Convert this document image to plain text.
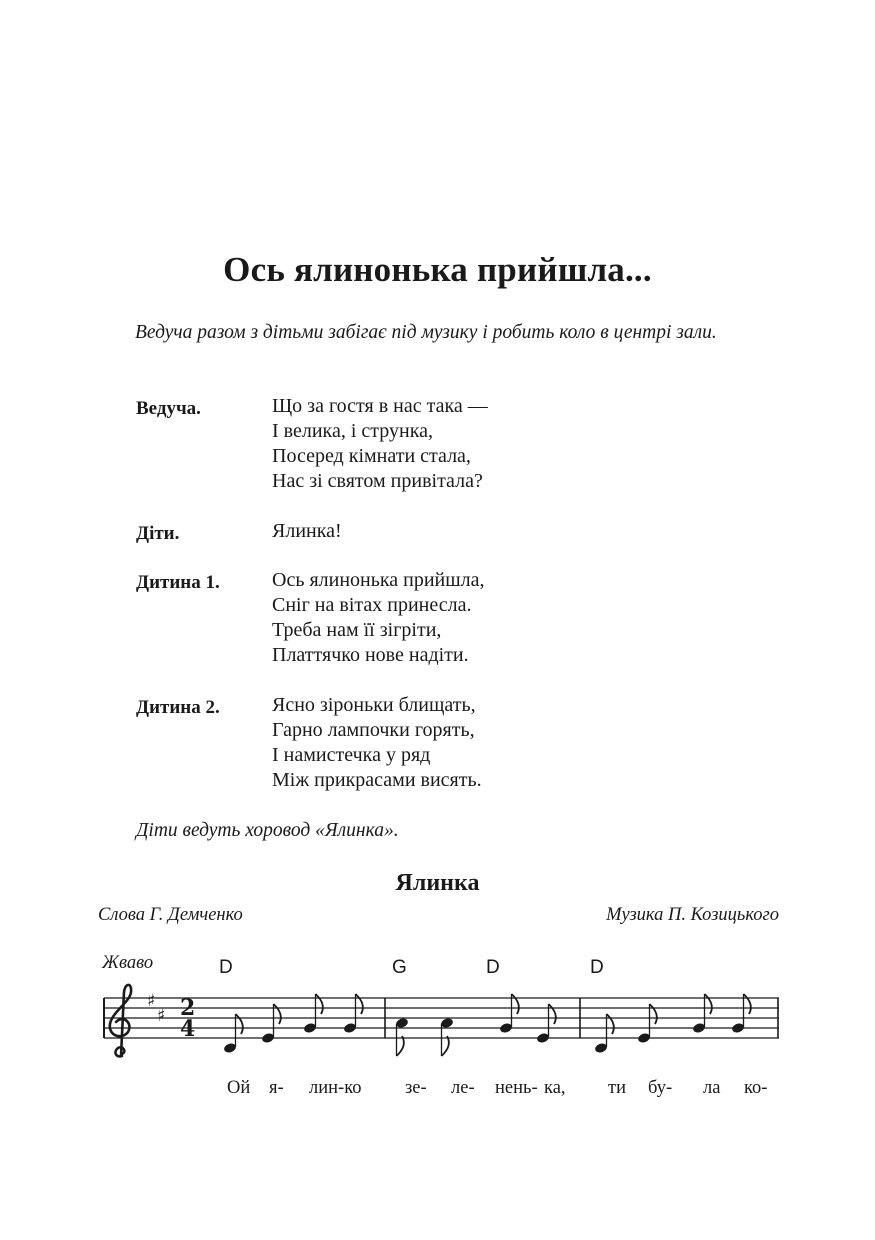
Ось ялинонька прийшла...
Ведуча разом з дітьми забігає під музику і робить коло в центрі зали.
Ведуча.	Що за гостя в нас така —
І велика, і струнка,
Посеред кімнати стала,
Нас зі святом привітала?
Діти.	Ялинка!
Дитина 1.	Ось ялинонька прийшла,
Сніг на вітах принесла.
Треба нам її зігріти,
Платтячко нове надіти.
Дитина 2.	Ясно зіроньки блищать,
Гарно лампочки горять,
І намистечка у ряд
Між прикрасами висять.
Діти ведуть хоровод «Ялинка».
Ялинка
Слова Г. Демченко	Музика П. Козицького
Жваво	D	G	D	D
♯
♯ 2
4
Ой я- лин-ко зе- ле- нень- ка, ти бу- ла ко-
